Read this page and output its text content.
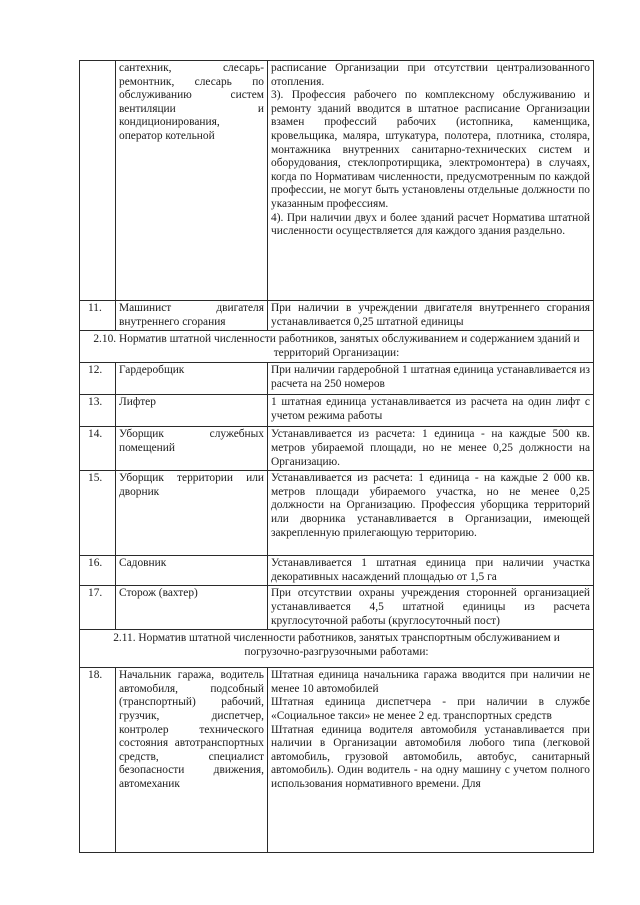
	сантехник, слесарь-ремонтник, слесарь по обслуживанию систем вентиляции и кондиционирования, оператор котельной	расписание Организации при отсутствии централизованного отопления.
3). Профессия рабочего по комплексному обслуживанию и ремонту зданий вводится в штатное расписание Организации взамен профессий рабочих (истопника, каменщика, кровельщика, маляра, штукатура, полотера, плотника, столяра, монтажника внутренних санитарно-технических систем и оборудования, стеклопротирщика, электромонтера) в случаях, когда по Нормативам численности, предусмотренным по каждой профессии, не могут быть установлены отдельные должности по указанным профессиям.
4). При наличии двух и более зданий расчет Норматива штатной численности осуществляется для каждого здания раздельно.

11.	Машинист двигателя внутреннего сгорания	При наличии в учреждении двигателя внутреннего сгорания устанавливается 0,25 штатной единицы

2.10. Норматив штатной численности работников, занятых обслуживанием и содержанием зданий и территорий Организации:		
12.	Гардеробщик	При наличии гардеробной 1 штатная единица устанавливается из расчета на 250 номеров

13.	Лифтер	1 штатная единица устанавливается из расчета на один лифт с учетом режима работы

14.	Уборщик служебных помещений	Устанавливается из расчета: 1 единица - на каждые 500 кв. метров убираемой площади, но не менее 0,25 должности на Организацию.

15.	Уборщик территории или дворник	Устанавливается из расчета: 1 единица - на каждые 2 000 кв. метров площади убираемого участка, но не менее 0,25 должности на Организацию. Профессия уборщика территорий или дворника устанавливается в Организации, имеющей закрепленную прилегающую территорию.

16.	Садовник	Устанавливается 1 штатная единица при наличии участка декоративных насаждений площадью от 1,5 га

17.	Сторож (вахтер)	При отсутствии охраны учреждения сторонней организацией устанавливается 4,5 штатной единицы из расчета круглосуточной работы (круглосуточный пост)

2.11. Норматив штатной численности работников, занятых транспортным обслуживанием и погрузочно-разгрузочными работами:		
18.	Начальник гаража, водитель автомобиля, подсобный (транспортный) рабочий, грузчик, диспетчер, контролер технического состояния автотранспортных средств, специалист безопасности движения, автомеханик	Штатная единица начальника гаража вводится при наличии не менее 10 автомобилей
Штатная единица диспетчера - при наличии в службе «Социальное такси» не менее 2 ед. транспортных средств
Штатная единица водителя автомобиля устанавливается при наличии в Организации автомобиля любого типа (легковой автомобиль, грузовой автомобиль, автобус, санитарный автомобиль). Один водитель - на одну машину с учетом полного использования нормативного времени. Для
